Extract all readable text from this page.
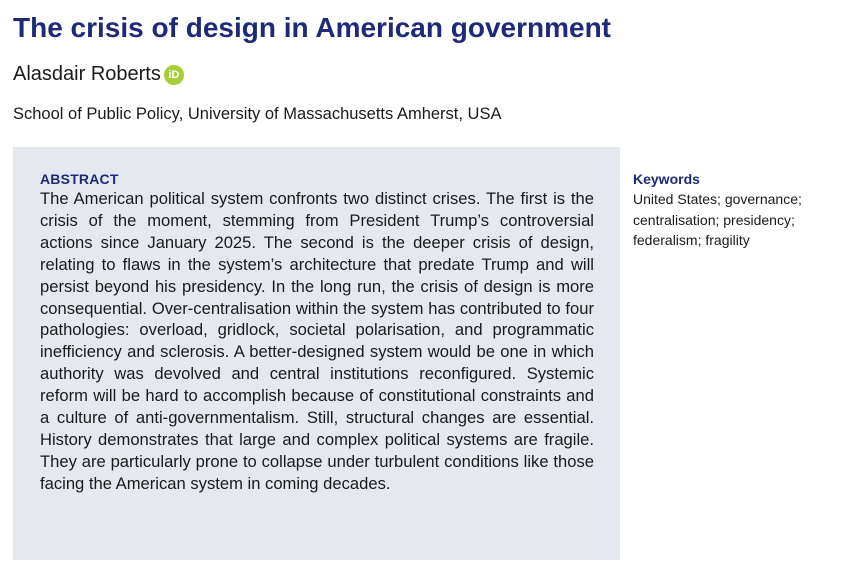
The crisis of design in American government
Alasdair Roberts iD
School of Public Policy, University of Massachusetts Amherst, USA
ABSTRACT

The American political system confronts two distinct crises. The first is the crisis of the moment, stemming from President Trump’s controversial actions since January 2025. The second is the deeper crisis of design, relating to flaws in the system’s architecture that predate Trump and will persist beyond his presidency. In the long run, the crisis of design is more consequential. Over-centralisation within the system has contributed to four pathologies: overload, gridlock, societal polarisation, and programmatic inefficiency and sclerosis. A better-designed system would be one in which authority was devolved and central institutions reconfigured. Systemic reform will be hard to accomplish because of constitutional constraints and a culture of anti-governmentalism. Still, structural changes are essential. History demonstrates that large and complex political systems are fragile. They are particularly prone to collapse under turbulent conditions like those facing the American system in coming decades.

Keywords
United States; governance; centralisation; presidency; federalism; fragility
